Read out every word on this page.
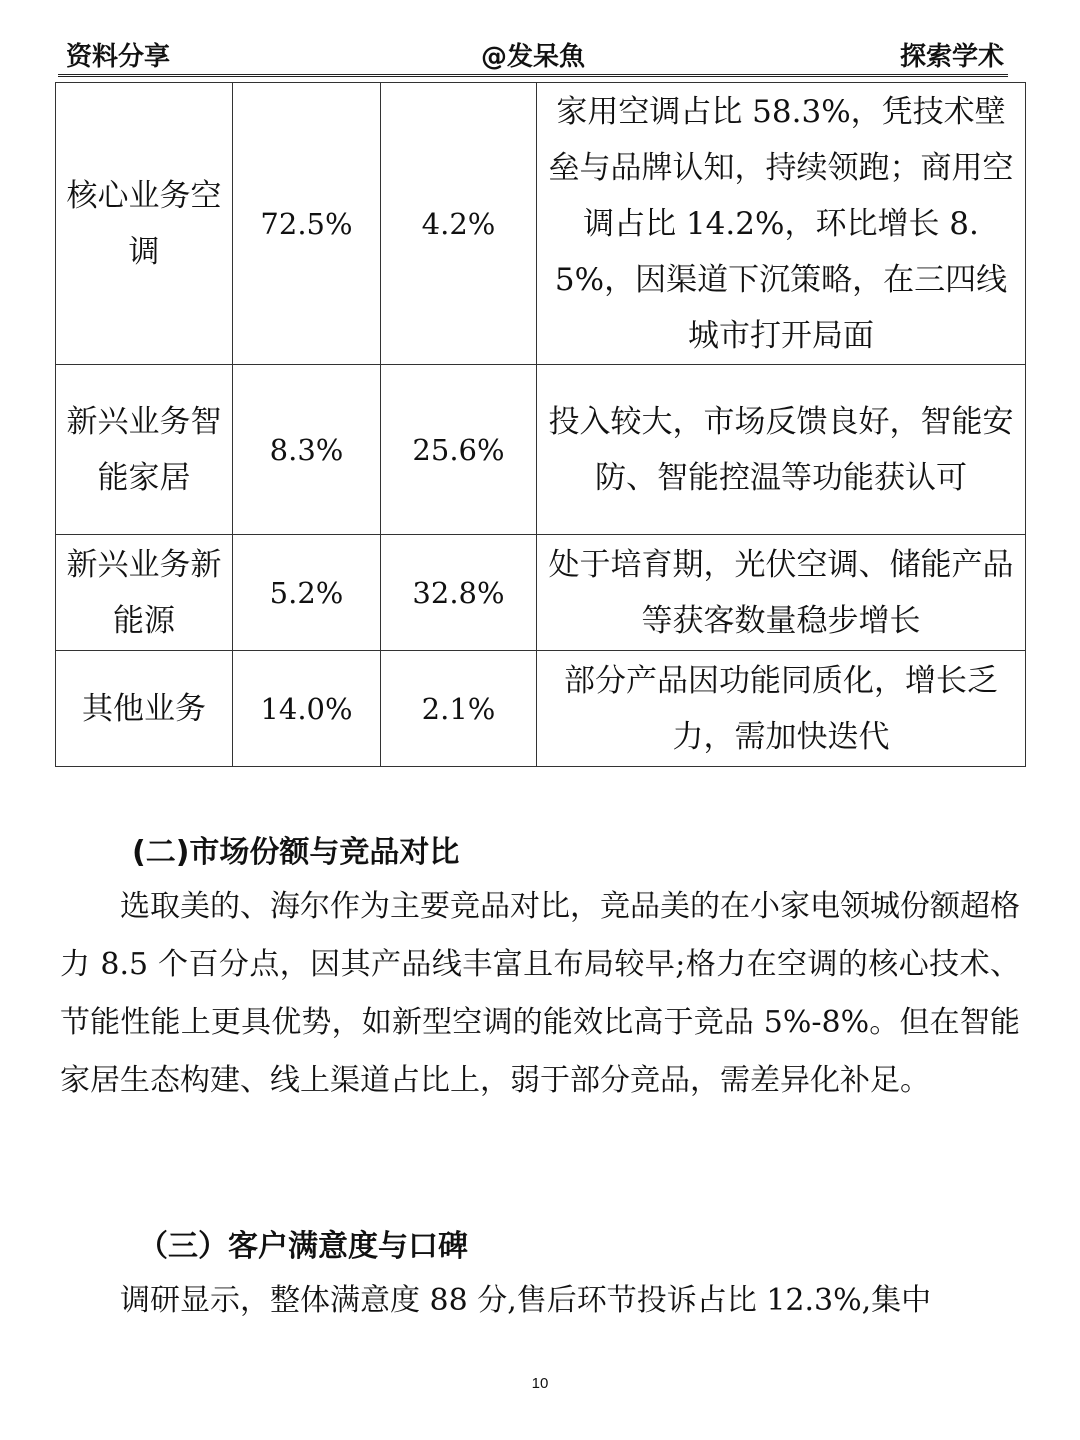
资料分享	@发呆魚	探索学术
核心业务空调	72.5%	4.2%	家用空调占比 58.3%，凭技术壁垒与品牌认知，持续领跑；商用空调占比 14.2%，环比增长 8.5%，因渠道下沉策略，在三四线城市打开局面
新兴业务智能家居	8.3%	25.6%	投入较大，市场反馈良好，智能安防、智能控温等功能获认可
新兴业务新能源	5.2%	32.8%	处于培育期，光伏空调、储能产品等获客数量稳步增长
其他业务	14.0%	2.1%	部分产品因功能同质化，增长乏力，需加快迭代
(二)市场份额与竞品对比
选取美的、海尔作为主要竞品对比，竞品美的在小家电领城份额超格力 8.5 个百分点，因其产品线丰富且布局较早;格力在空调的核心技术、节能性能上更具优势，如新型空调的能效比高于竞品 5%-8%。但在智能家居生态构建、线上渠道占比上，弱于部分竞品，需差异化补足。
（三）客户满意度与口碑
调研显示，整体满意度 88 分,售后环节投诉占比 12.3%,集中
10
